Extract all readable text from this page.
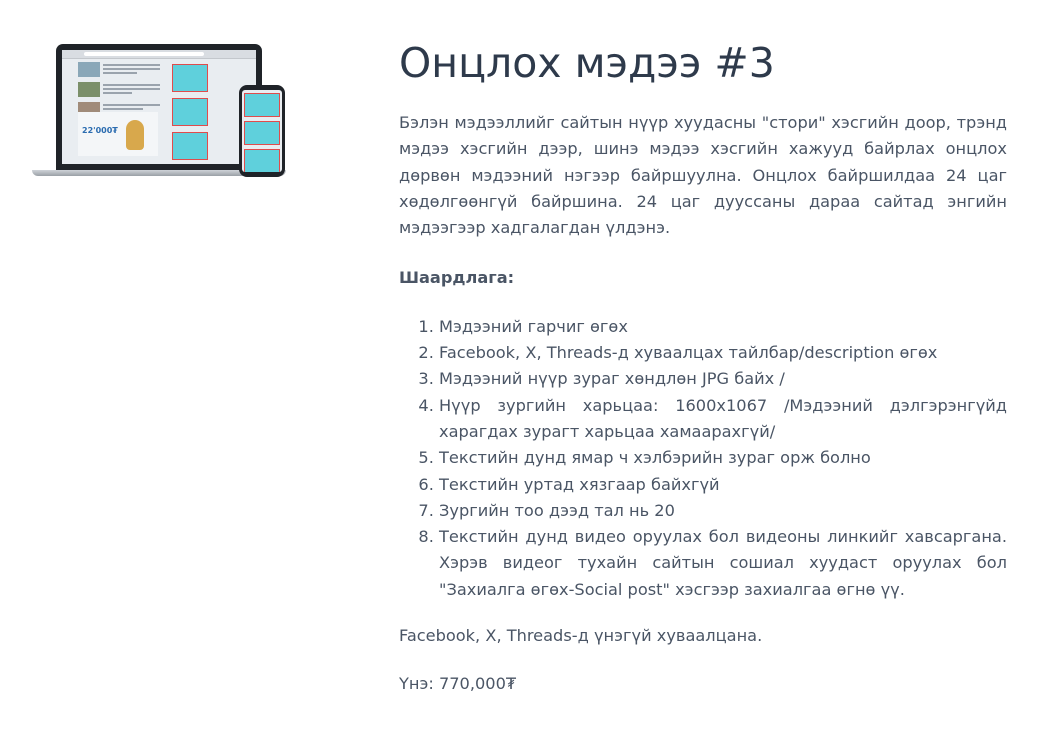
22'000₮
Онцлох мэдээ #3

Бэлэн мэдээллийг сайтын нүүр хуудасны "стори" хэсгийн доор, трэнд мэдээ хэсгийн дээр, шинэ мэдээ хэсгийн хажууд байрлах онцлох дөрвөн мэдээний нэгээр байршуулна. Онцлох байршилдаа 24 цаг хөдөлгөөнгүй байршина. 24 цаг дууссаны дараа сайтад энгийн мэдээгээр хадгалагдан үлдэнэ.

Шаардлага:

1. Мэдээний гарчиг өгөх
2. Facebook, X, Threads-д хуваалцах тайлбар/description өгөх
3. Мэдээний нүүр зураг хөндлөн JPG байх /
4. Нүүр зургийн харьцаа: 1600x1067 /Мэдээний дэлгэрэнгүйд харагдах зурагт харьцаа хамаарахгүй/
5. Текстийн дунд ямар ч хэлбэрийн зураг орж болно
6. Текстийн уртад хязгаар байхгүй
7. Зургийн тоо дээд тал нь 20
8. Текстийн дунд видео оруулах бол видеоны линкийг хавсаргана. Хэрэв видеог тухайн сайтын сошиал хуудаст оруулах бол "Захиалга өгөх-Social post" хэсгээр захиалгаа өгнө үү.

Facebook, X, Threads-д үнэгүй хуваалцана.

Үнэ: 770,000₮
